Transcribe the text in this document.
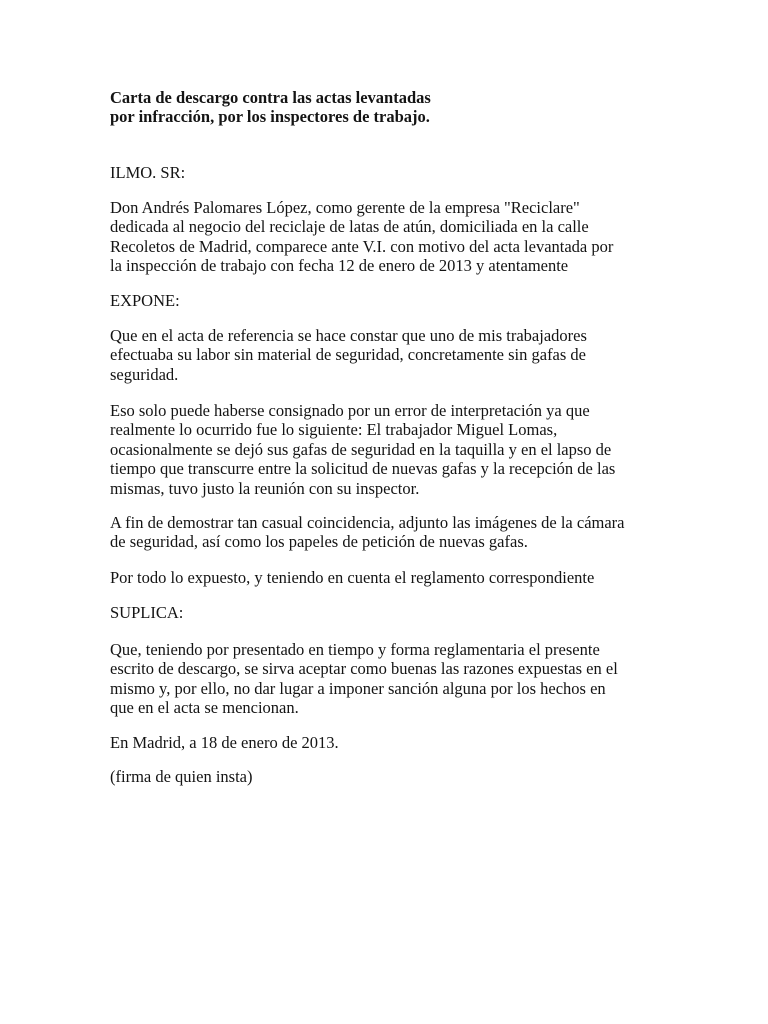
Carta de descargo contra las actas levantadas
por infracción, por los inspectores de trabajo.
ILMO. SR:
Don Andrés Palomares López, como gerente de la empresa "Reciclare"
dedicada al negocio del reciclaje de latas de atún, domiciliada en la calle
Recoletos de Madrid, comparece ante V.I. con motivo del acta levantada por
la inspección de trabajo con fecha 12 de enero de 2013 y atentamente
EXPONE:
Que en el acta de referencia se hace constar que uno de mis trabajadores
efectuaba su labor sin material de seguridad, concretamente sin gafas de
seguridad.
Eso solo puede haberse consignado por un error de interpretación ya que
realmente lo ocurrido fue lo siguiente: El trabajador Miguel Lomas,
ocasionalmente se dejó sus gafas de seguridad en la taquilla y en el lapso de
tiempo que transcurre entre la solicitud de nuevas gafas y la recepción de las
mismas, tuvo justo la reunión con su inspector.
A fin de demostrar tan casual coincidencia, adjunto las imágenes de la cámara
de seguridad, así como los papeles de petición de nuevas gafas.
Por todo lo expuesto, y teniendo en cuenta el reglamento correspondiente
SUPLICA:
Que, teniendo por presentado en tiempo y forma reglamentaria el presente
escrito de descargo, se sirva aceptar como buenas las razones expuestas en el
mismo y, por ello, no dar lugar a imponer sanción alguna por los hechos en
que en el acta se mencionan.
En Madrid, a 18 de enero de 2013.
(firma de quien insta)
